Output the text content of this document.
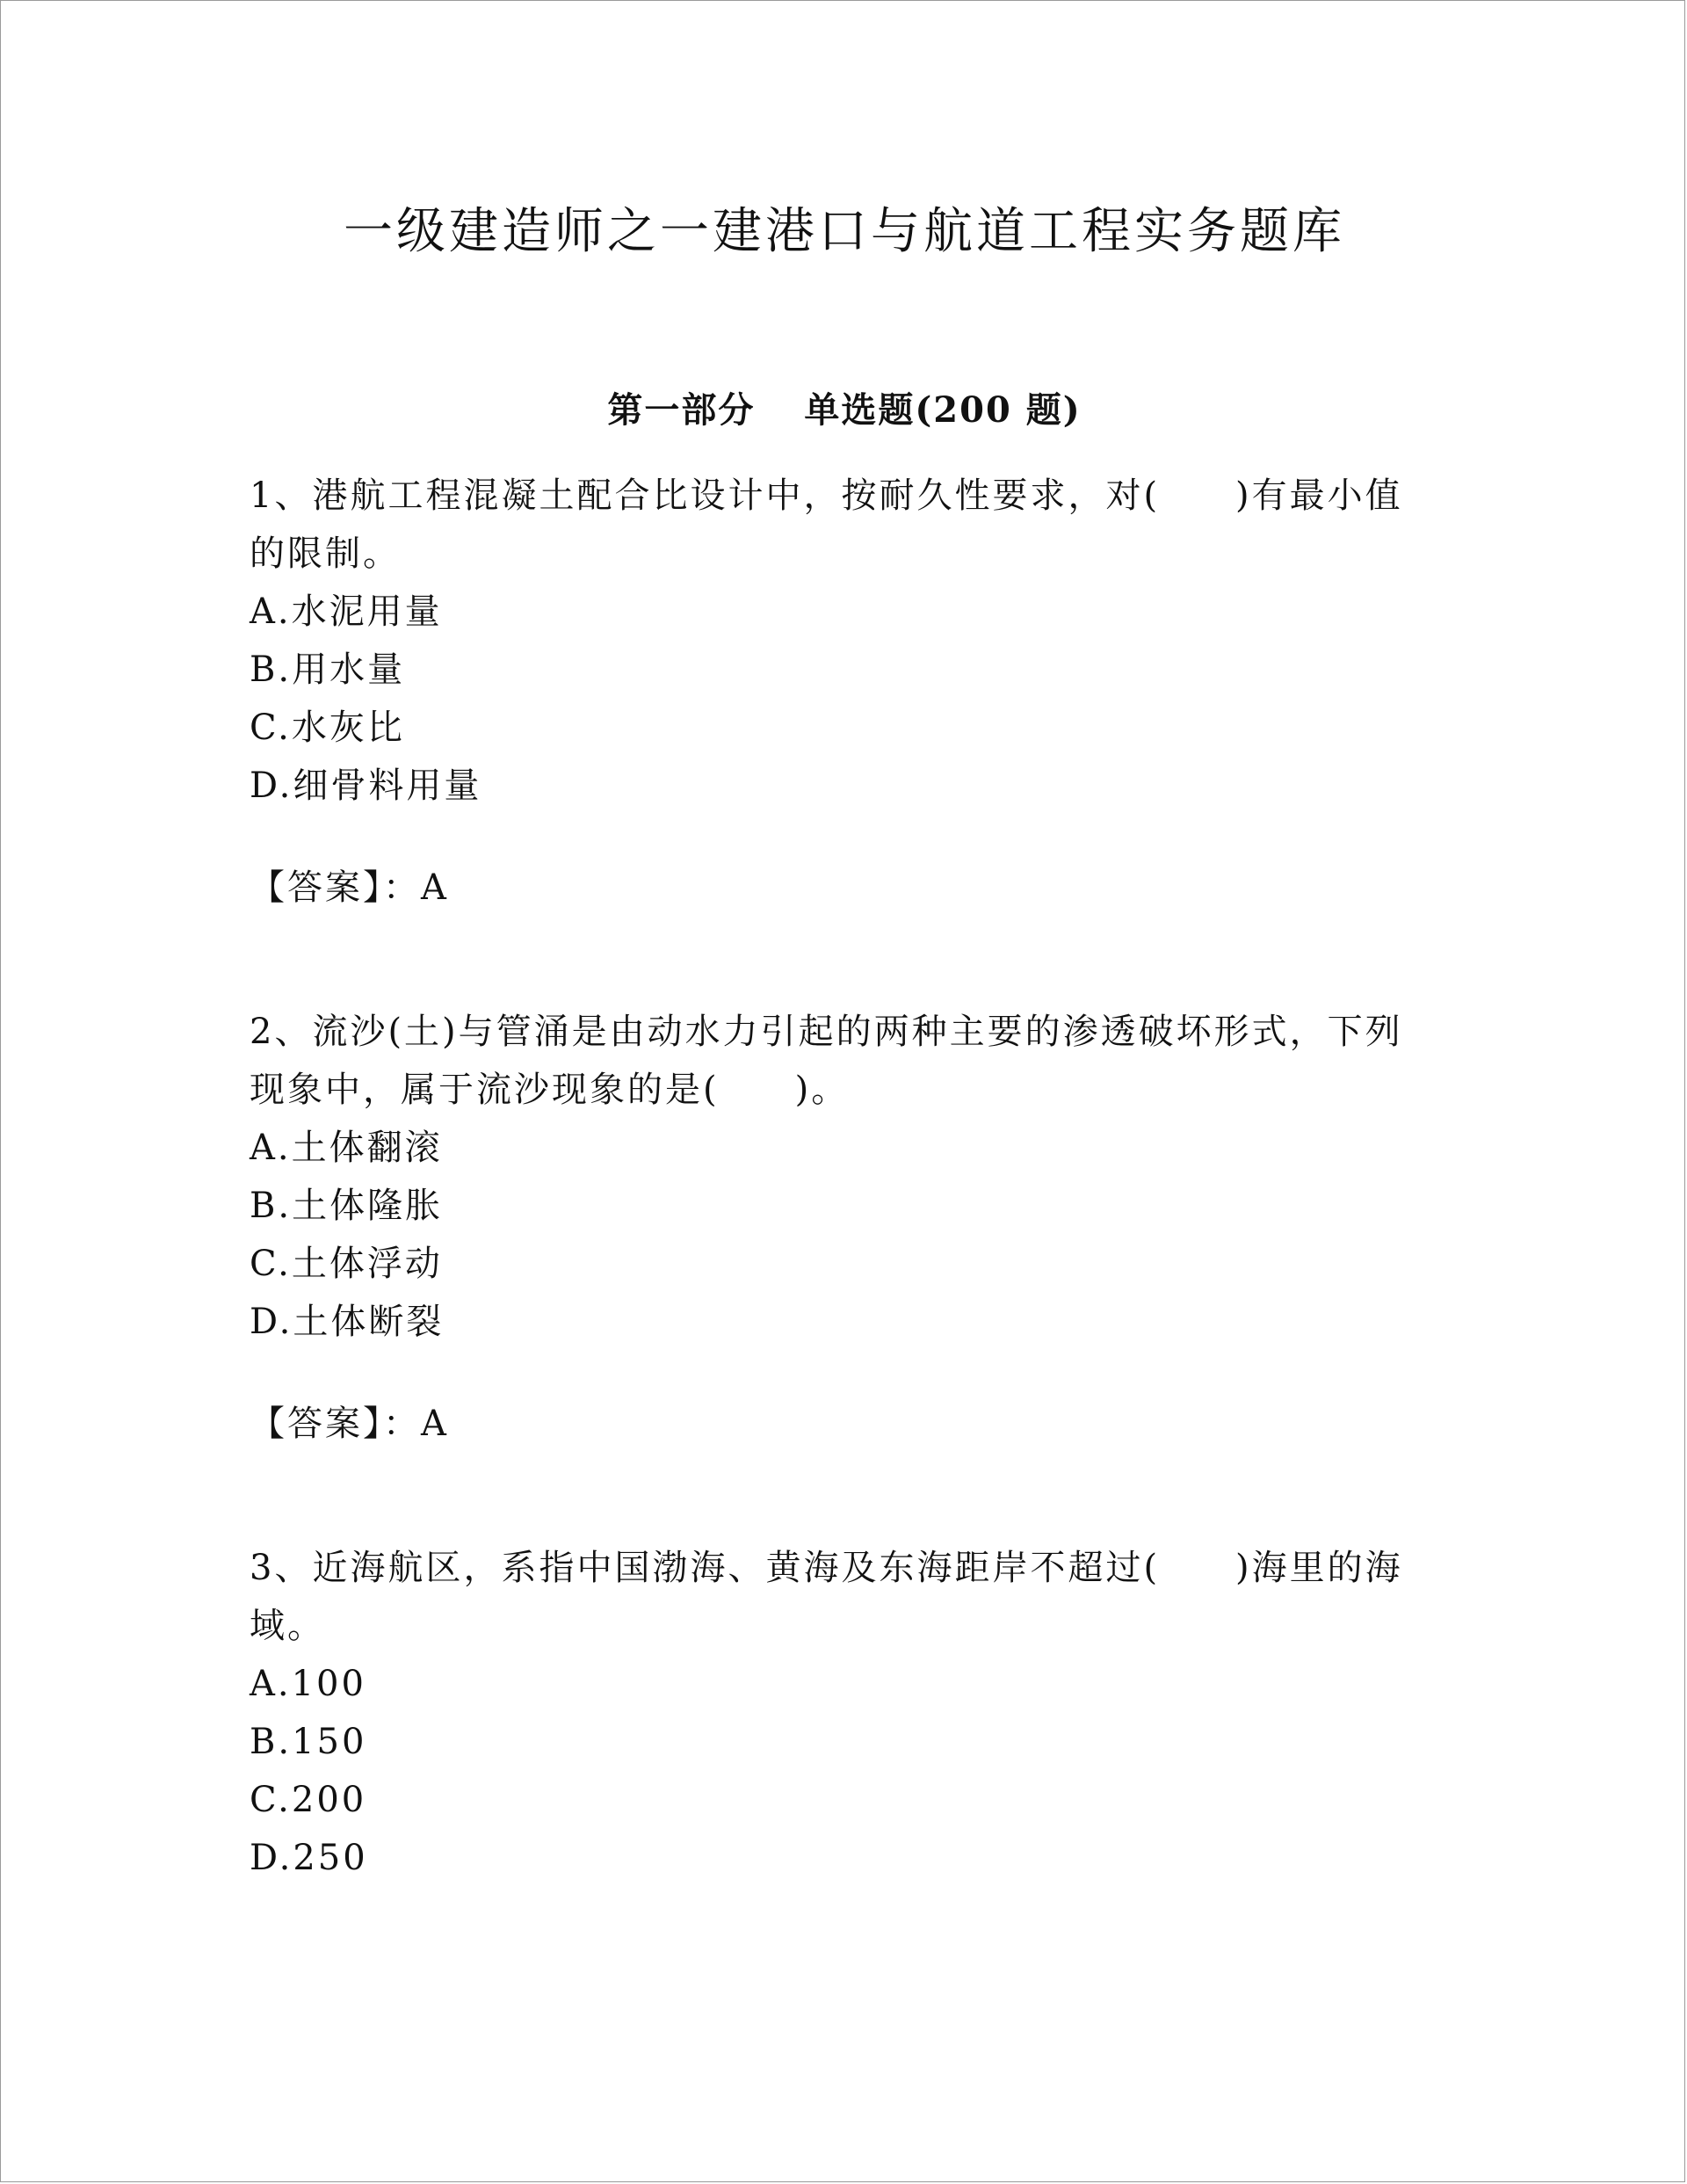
一级建造师之一建港口与航道工程实务题库
第一部分 单选题(200 题)

1、港航工程混凝土配合比设计中，按耐久性要求，对(　　)有最小值的限制。

A.水泥用量

B.用水量

C.水灰比

D.细骨料用量

【答案】：A

2、流沙(土)与管涌是由动水力引起的两种主要的渗透破坏形式，下列现象中，属于流沙现象的是(　　)。

A.土体翻滚

B.土体隆胀

C.土体浮动

D.土体断裂

【答案】：A

3、近海航区，系指中国渤海、黄海及东海距岸不超过(　　)海里的海域。

A.100

B.150

C.200

D.250
